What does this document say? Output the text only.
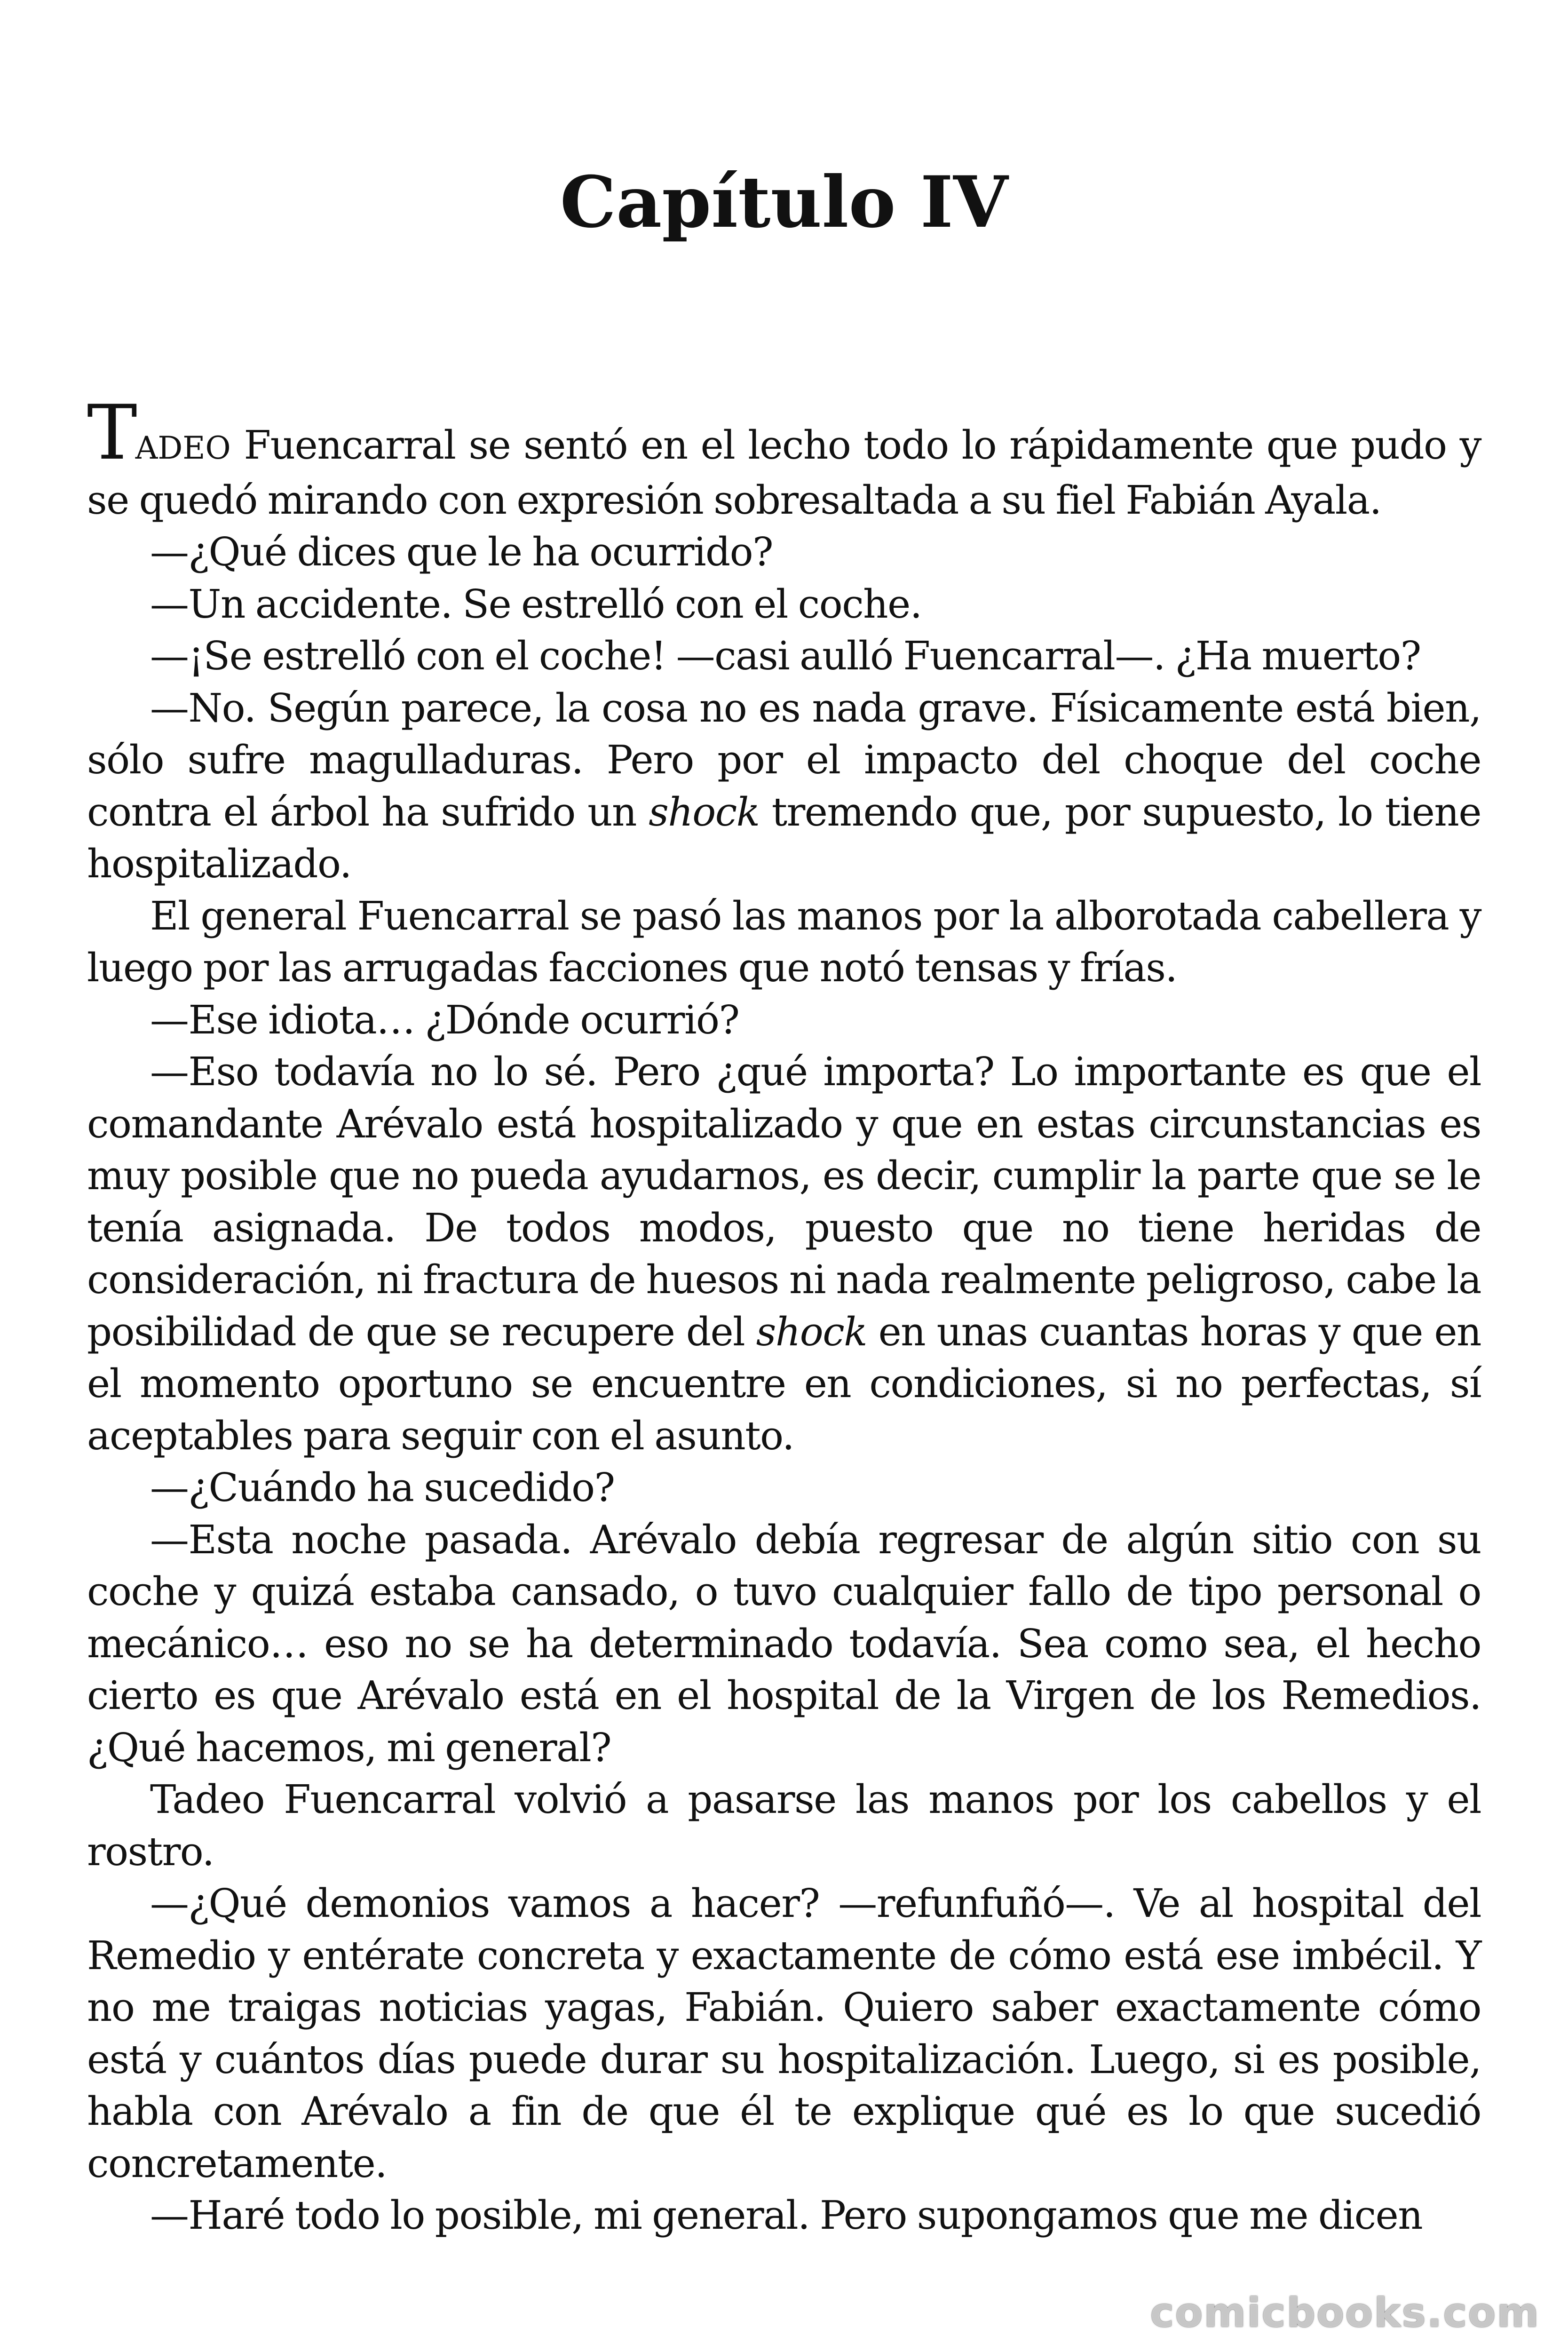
Capítulo IV

TADEO Fuencarral se sentó en el lecho todo lo rápidamente que pudo y se quedó mirando con expresión sobresaltada a su fiel Fabián Ayala.

—¿Qué dices que le ha ocurrido?

—Un accidente. Se estrelló con el coche.

—¡Se estrelló con el coche! —casi aulló Fuencarral—. ¿Ha muerto?

—No. Según parece, la cosa no es nada grave. Físicamente está bien, sólo sufre magulladuras. Pero por el impacto del choque del coche contra el árbol ha sufrido un shock tremendo que, por supuesto, lo tiene hospitalizado.

El general Fuencarral se pasó las manos por la alborotada cabellera y luego por las arrugadas facciones que notó tensas y frías.

—Ese idiota… ¿Dónde ocurrió?

—Eso todavía no lo sé. Pero ¿qué importa? Lo importante es que el comandante Arévalo está hospitalizado y que en estas circunstancias es muy posible que no pueda ayudarnos, es decir, cumplir la parte que se le tenía asignada. De todos modos, puesto que no tiene heridas de consideración, ni fractura de huesos ni nada realmente peligroso, cabe la posibilidad de que se recupere del shock en unas cuantas horas y que en el momento oportuno se encuentre en condiciones, si no perfectas, sí aceptables para seguir con el asunto.

—¿Cuándo ha sucedido?

—Esta noche pasada. Arévalo debía regresar de algún sitio con su coche y quizá estaba cansado, o tuvo cualquier fallo de tipo personal o mecánico… eso no se ha determinado todavía. Sea como sea, el hecho cierto es que Arévalo está en el hospital de la Virgen de los Remedios. ¿Qué hacemos, mi general?

Tadeo Fuencarral volvió a pasarse las manos por los cabellos y el rostro.

—¿Qué demonios vamos a hacer? —refunfuñó—. Ve al hospital del Remedio y entérate concreta y exactamente de cómo está ese imbécil. Y no me traigas noticias yagas, Fabián. Quiero saber exactamente cómo está y cuántos días puede durar su hospitalización. Luego, si es posible, habla con Arévalo a fin de que él te explique qué es lo que sucedió concretamente.

—Haré todo lo posible, mi general. Pero supongamos que me dicen

comicbooks.com
